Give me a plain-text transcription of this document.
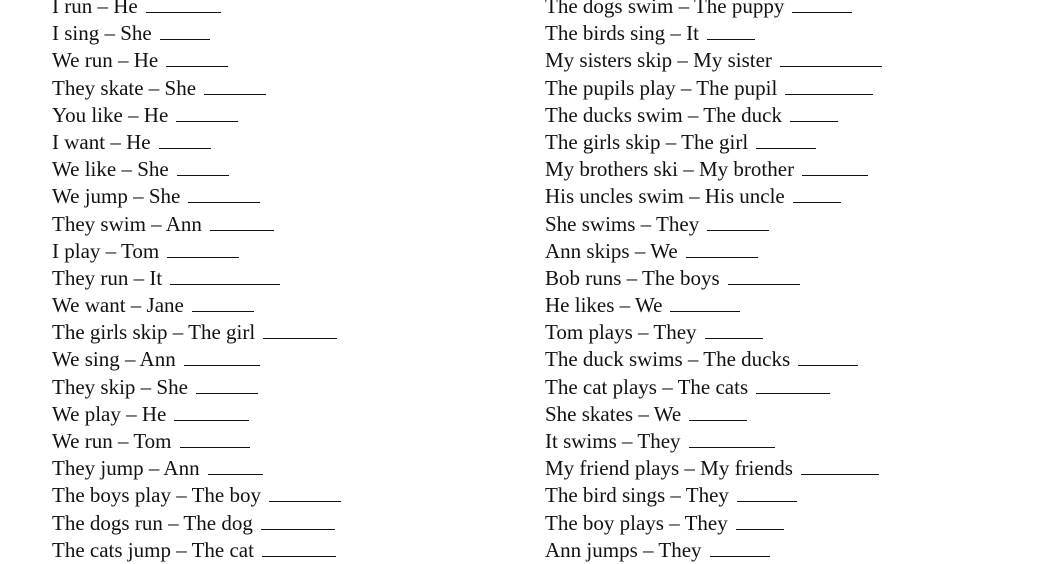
I run – He
I sing – She
We run – He
They skate – She
You like – He
I want – He
We like – She
We jump – She
They swim – Ann
I play – Tom
They run – It
We want – Jane
The girls skip – The girl
We sing – Ann
They skip – She
We play – He
We run – Tom
They jump – Ann
The boys play – The boy
The dogs run – The dog
The cats jump – The cat
The dogs swim – The puppy
The birds sing – It
My sisters skip – My sister
The pupils play – The pupil
The ducks swim – The duck
The girls skip – The girl
My brothers ski – My brother
His uncles swim – His uncle
She swims – They
Ann skips – We
Bob runs – The boys
He likes – We
Tom plays – They
The duck swims – The ducks
The cat plays – The cats
She skates – We
It swims – They
My friend plays – My friends
The bird sings – They
The boy plays – They
Ann jumps – They
